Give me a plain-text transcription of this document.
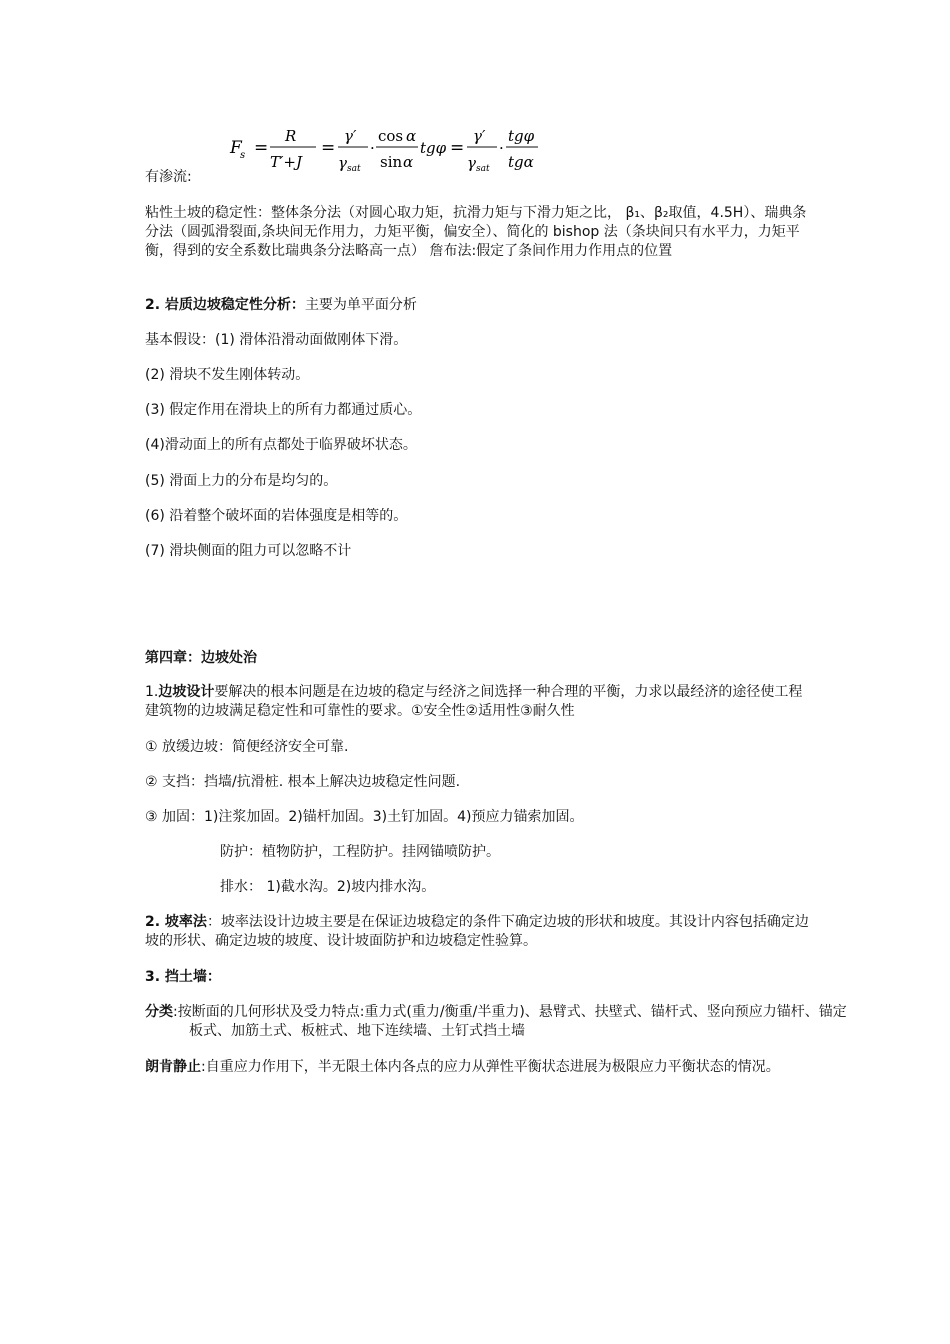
F
s =
R
T′+J
=
γ′
γ sat
·
cos α
sin α
tgφ =
γ′
γ sat
·
tgφ
tgα
有渗流:
粘性土坡的稳定性：整体条分法（对圆心取力矩，抗滑力矩与下滑力矩之比， β₁、β₂取值，4.5H）、瑞典条分法（圆弧滑裂面,条块间无作用力，力矩平衡，偏安全）、简化的 bishop 法（条块间只有水平力，力矩平衡，得到的安全系数比瑞典条分法略高一点） 詹布法:假定了条间作用力作用点的位置
2. 岩质边坡稳定性分析：主要为单平面分析
基本假设：(1) 滑体沿滑动面做刚体下滑。
(2) 滑块不发生刚体转动。
(3) 假定作用在滑块上的所有力都通过质心。
(4)滑动面上的所有点都处于临界破坏状态。
(5) 滑面上力的分布是均匀的。
(6) 沿着整个破坏面的岩体强度是相等的。
(7) 滑块侧面的阻力可以忽略不计
第四章：边坡处治
1.边坡设计要解决的根本问题是在边坡的稳定与经济之间选择一种合理的平衡，力求以最经济的途径使工程建筑物的边坡满足稳定性和可靠性的要求。①安全性②适用性③耐久性
① 放缓边坡：简便经济安全可靠.
② 支挡：挡墙/抗滑桩. 根本上解决边坡稳定性问题.
③ 加固：1)注浆加固。2)锚杆加固。3)土钉加固。4)预应力锚索加固。
防护：植物防护，工程防护。挂网锚喷防护。
排水： 1)截水沟。2)坡内排水沟。
2. 坡率法：坡率法设计边坡主要是在保证边坡稳定的条件下确定边坡的形状和坡度。其设计内容包括确定边坡的形状、确定边坡的坡度、设计坡面防护和边坡稳定性验算。
3. 挡土墙：
分类:按断面的几何形状及受力特点:重力式(重力/衡重/半重力)、悬臂式、扶壁式、锚杆式、竖向预应力锚杆、锚定板式、加筋土式、板桩式、地下连续墙、土钉式挡土墙
朗肯静止:自重应力作用下，半无限土体内各点的应力从弹性平衡状态进展为极限应力平衡状态的情况。
